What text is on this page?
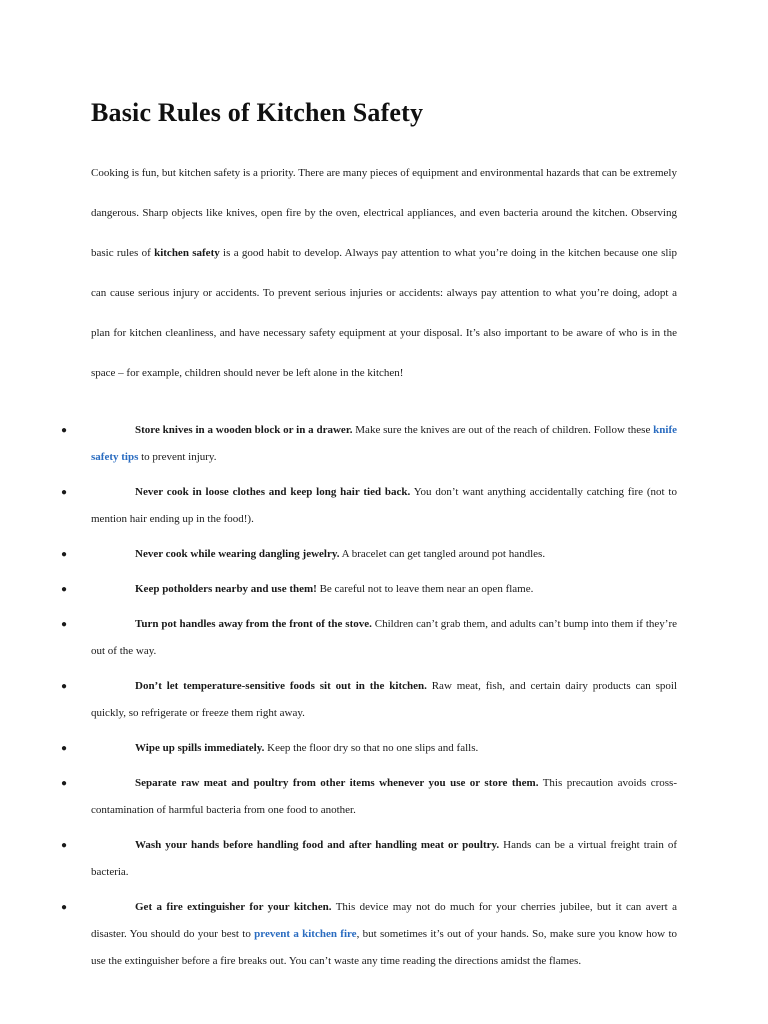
Basic Rules of Kitchen Safety

Cooking is fun, but kitchen safety is a priority. There are many pieces of equipment and environmental hazards that can be extremely dangerous. Sharp objects like knives, open fire by the oven, electrical appliances, and even bacteria around the kitchen. Observing basic rules of kitchen safety is a good habit to develop. Always pay attention to what you’re doing in the kitchen because one slip can cause serious injury or accidents. To prevent serious injuries or accidents: always pay attention to what you’re doing, adopt a plan for kitchen cleanliness, and have necessary safety equipment at your disposal. It’s also important to be aware of who is in the space – for example, children should never be left alone in the kitchen!

●	Store knives in a wooden block or in a drawer. Make sure the knives are out of the reach of children. Follow these knife safety tips to prevent injury.
●	Never cook in loose clothes and keep long hair tied back. You don’t want anything accidentally catching fire (not to mention hair ending up in the food!).
●	Never cook while wearing dangling jewelry. A bracelet can get tangled around pot handles.
●	Keep potholders nearby and use them! Be careful not to leave them near an open flame.
●	Turn pot handles away from the front of the stove. Children can’t grab them, and adults can’t bump into them if they’re out of the way.
●	Don’t let temperature-sensitive foods sit out in the kitchen. Raw meat, fish, and certain dairy products can spoil quickly, so refrigerate or freeze them right away.
●	Wipe up spills immediately. Keep the floor dry so that no one slips and falls.
●	Separate raw meat and poultry from other items whenever you use or store them. This precaution avoids cross-contamination of harmful bacteria from one food to another.
●	Wash your hands before handling food and after handling meat or poultry. Hands can be a virtual freight train of bacteria.
●	Get a fire extinguisher for your kitchen. This device may not do much for your cherries jubilee, but it can avert a disaster. You should do your best to prevent a kitchen fire, but sometimes it’s out of your hands. So, make sure you know how to use the extinguisher before a fire breaks out. You can’t waste any time reading the directions amidst the flames.
